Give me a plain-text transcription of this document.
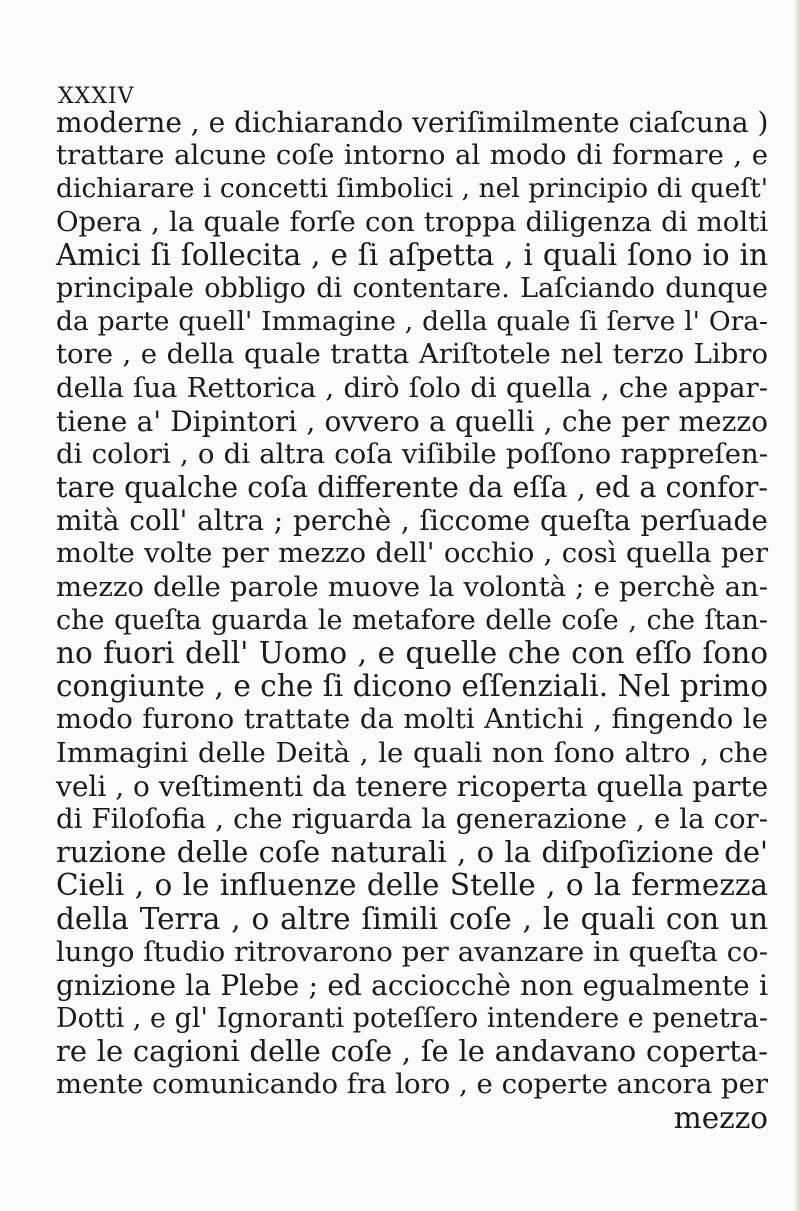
XXXIV
moderne , e dichiarando veriſimilmente ciaſcuna )
trattare alcune coſe intorno al modo di formare , e
dichiarare i concetti ſimbolici , nel principio di queſt'
Opera , la quale forſe con troppa diligenza di molti
Amici ſi ſollecita , e ſi aſpetta , i quali ſono io in
principale obbligo di contentare. Laſciando dunque
da parte quell' Immagine , della quale ſi ſerve l' Ora-
tore , e della quale tratta Ariſtotele nel terzo Libro
della ſua Rettorica , dirò ſolo di quella , che appar-
tiene a' Dipintori , ovvero a quelli , che per mezzo
di colori , o di altra coſa viſibile poſſono rappreſen-
tare qualche coſa differente da eſſa , ed a confor-
mità coll' altra ; perchè , ſiccome queſta perſuade
molte volte per mezzo dell' occhio , così quella per
mezzo delle parole muove la volontà ; e perchè an-
che queſta guarda le metafore delle coſe , che ſtan-
no fuori dell' Uomo , e quelle che con eſſo ſono
congiunte , e che ſi dicono eſſenziali. Nel primo
modo furono trattate da molti Antichi , fingendo le
Immagini delle Deità , le quali non ſono altro , che
veli , o veſtimenti da tenere ricoperta quella parte
di Filoſofia , che riguarda la generazione , e la cor-
ruzione delle coſe naturali , o la diſpoſizione de'
Cieli , o le influenze delle Stelle , o la fermezza
della Terra , o altre ſimili coſe , le quali con un
lungo ſtudio ritrovarono per avanzare in queſta co-
gnizione la Plebe ; ed acciocchè non egualmente i
Dotti , e gl' Ignoranti poteſſero intendere e penetra-
re le cagioni delle coſe , ſe le andavano coperta-
mente comunicando fra loro , e coperte ancora per
mezzo
